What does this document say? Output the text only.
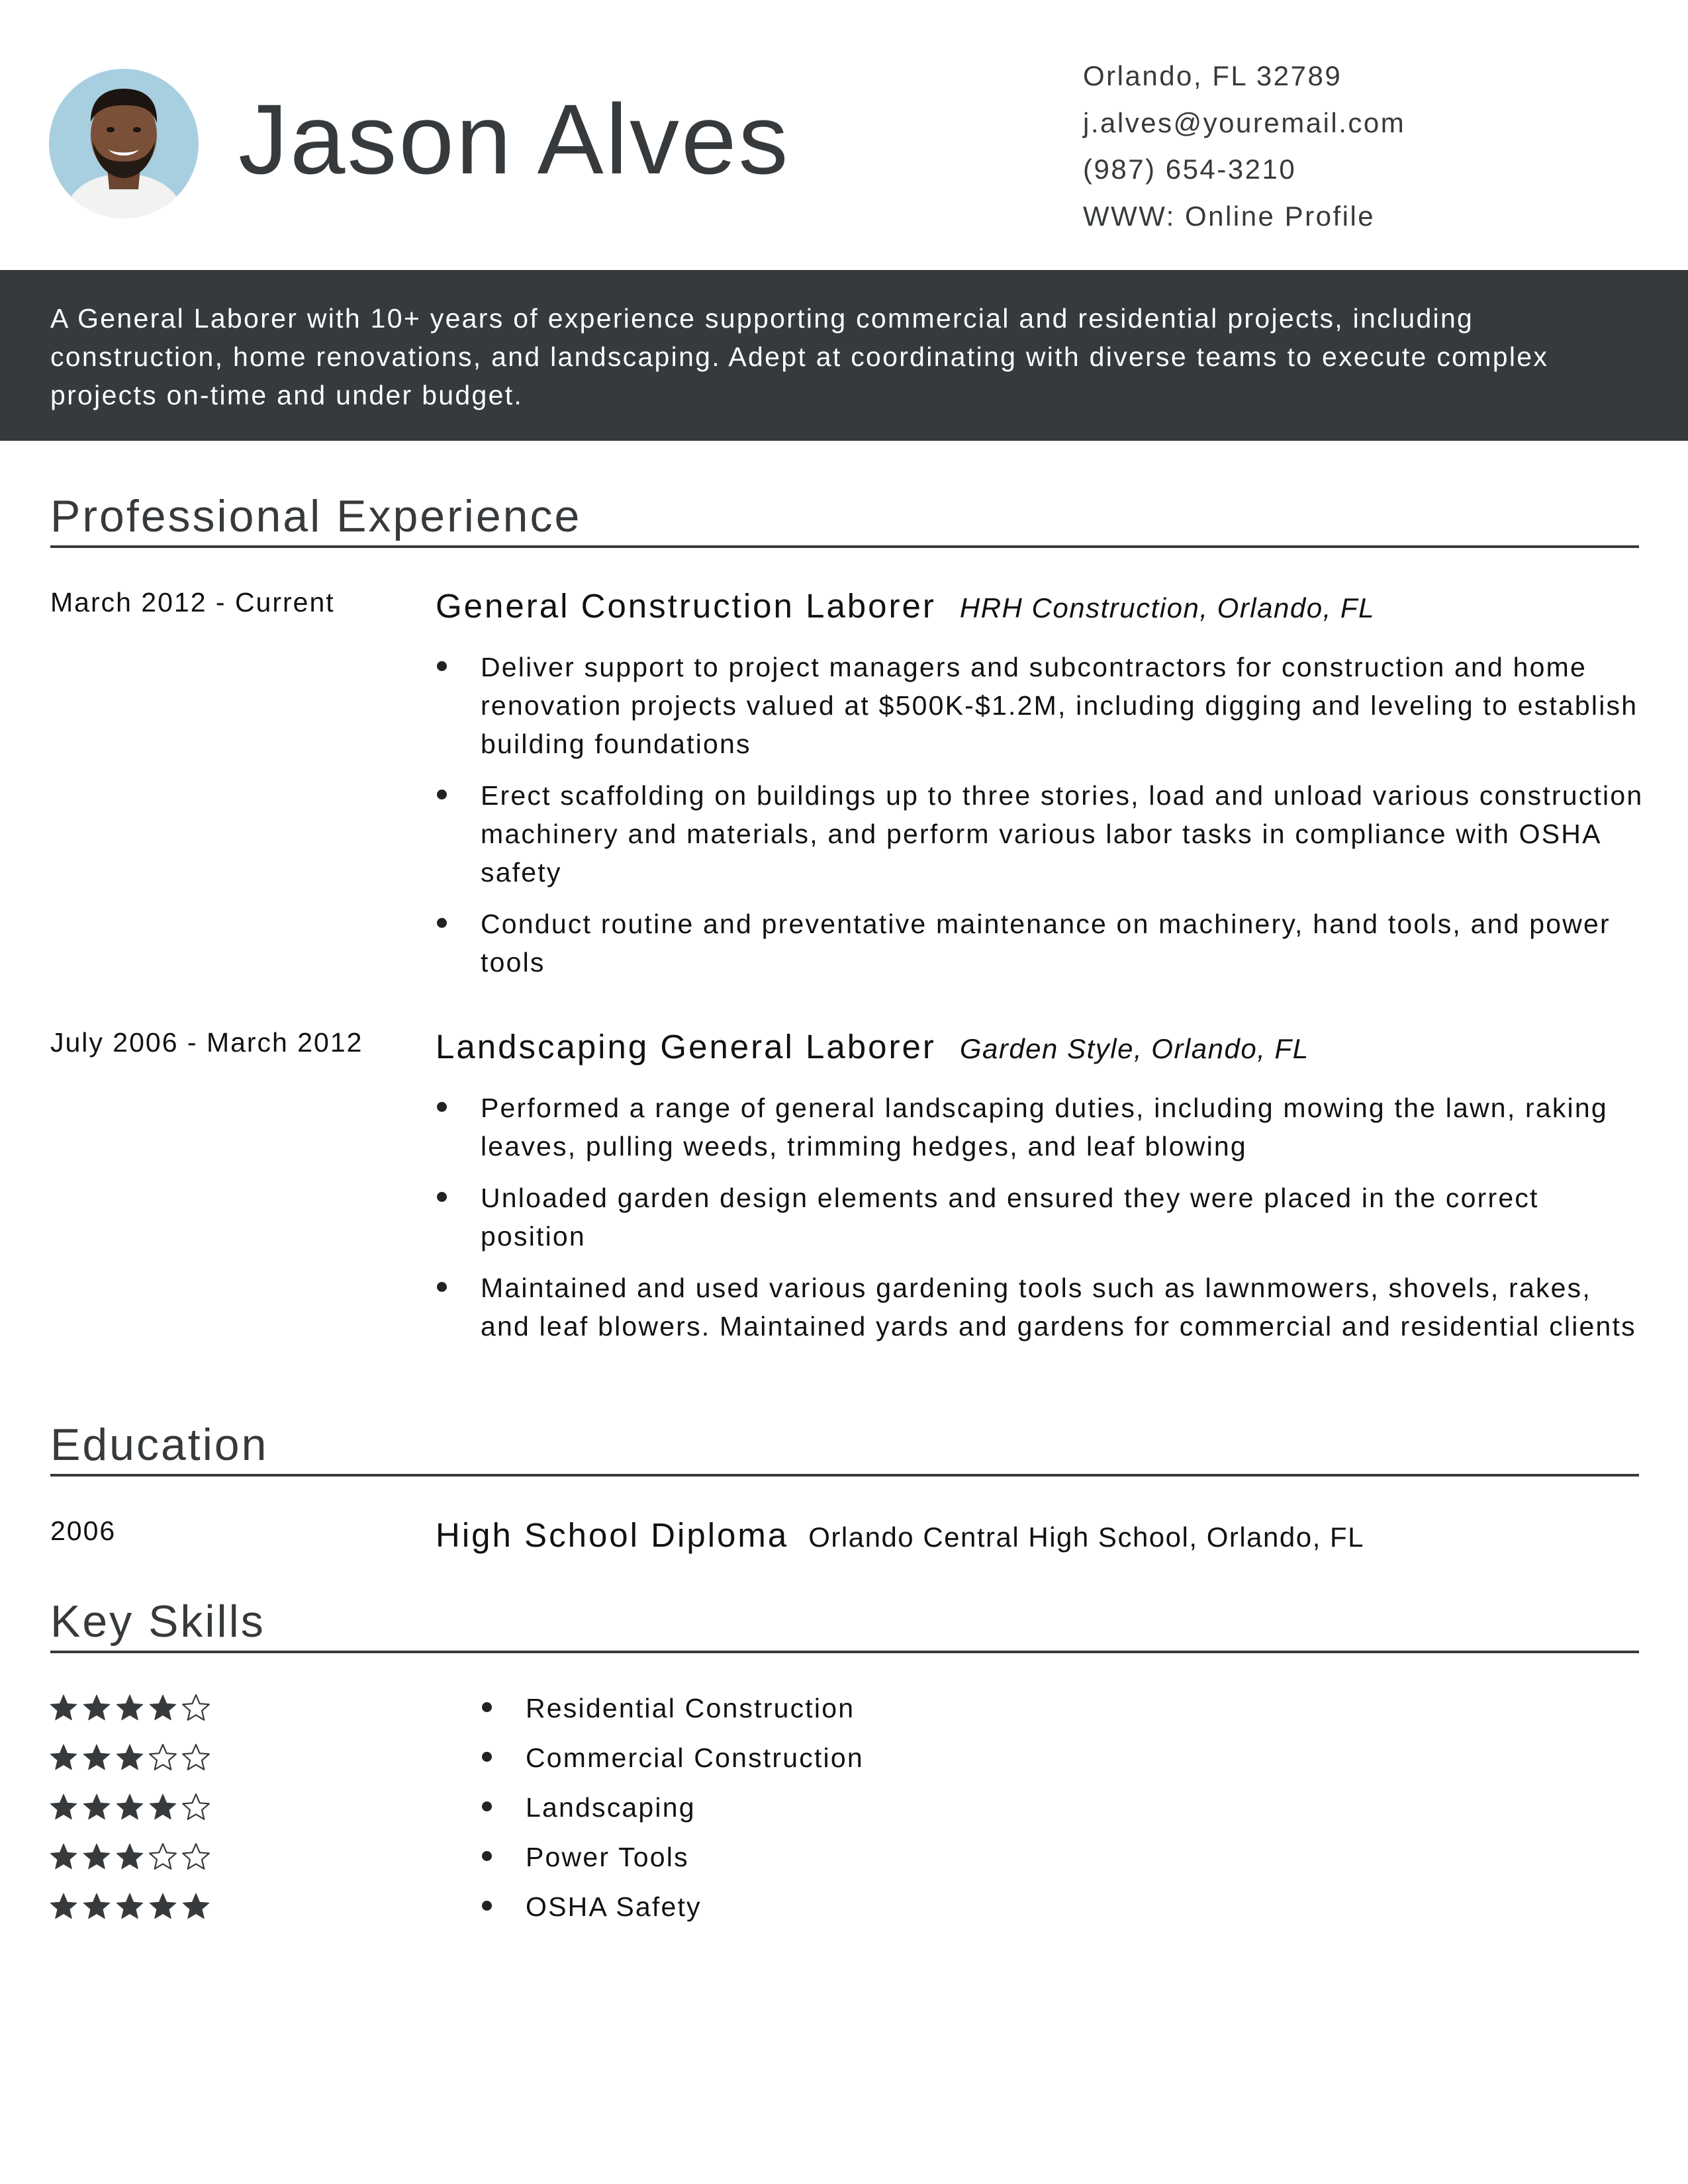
Jason Alves
Orlando, FL 32789
j.alves@youremail.com
(987) 654-3210
WWW: Online Profile

A General Laborer with 10+ years of experience supporting commercial and residential projects, including construction, home renovations, and landscaping. Adept at coordinating with diverse teams to execute complex projects on-time and under budget.

Professional Experience
March 2012 - Current	General Construction Laborer HRH Construction, Orlando, FL
Deliver support to project managers and subcontractors for construction and home renovation projects valued at $500K-$1.2M, including digging and leveling to establish building foundations
Erect scaffolding on buildings up to three stories, load and unload various construction machinery and materials, and perform various labor tasks in compliance with OSHA safety
Conduct routine and preventative maintenance on machinery, hand tools, and power tools
July 2006 - March 2012 Landscaping General Laborer Garden Style, Orlando, FL
Performed a range of general landscaping duties, including mowing the lawn, raking leaves, pulling weeds, trimming hedges, and leaf blowing
Unloaded garden design elements and ensured they were placed in the correct position
Maintained and used various gardening tools such as lawnmowers, shovels, rakes, and leaf blowers. Maintained yards and gardens for commercial and residential clients
Education
2006	High School Diploma Orlando Central High School, Orlando, FL
Key Skills
Residential Construction
Commercial Construction
Landscaping
Power Tools
OSHA Safety
